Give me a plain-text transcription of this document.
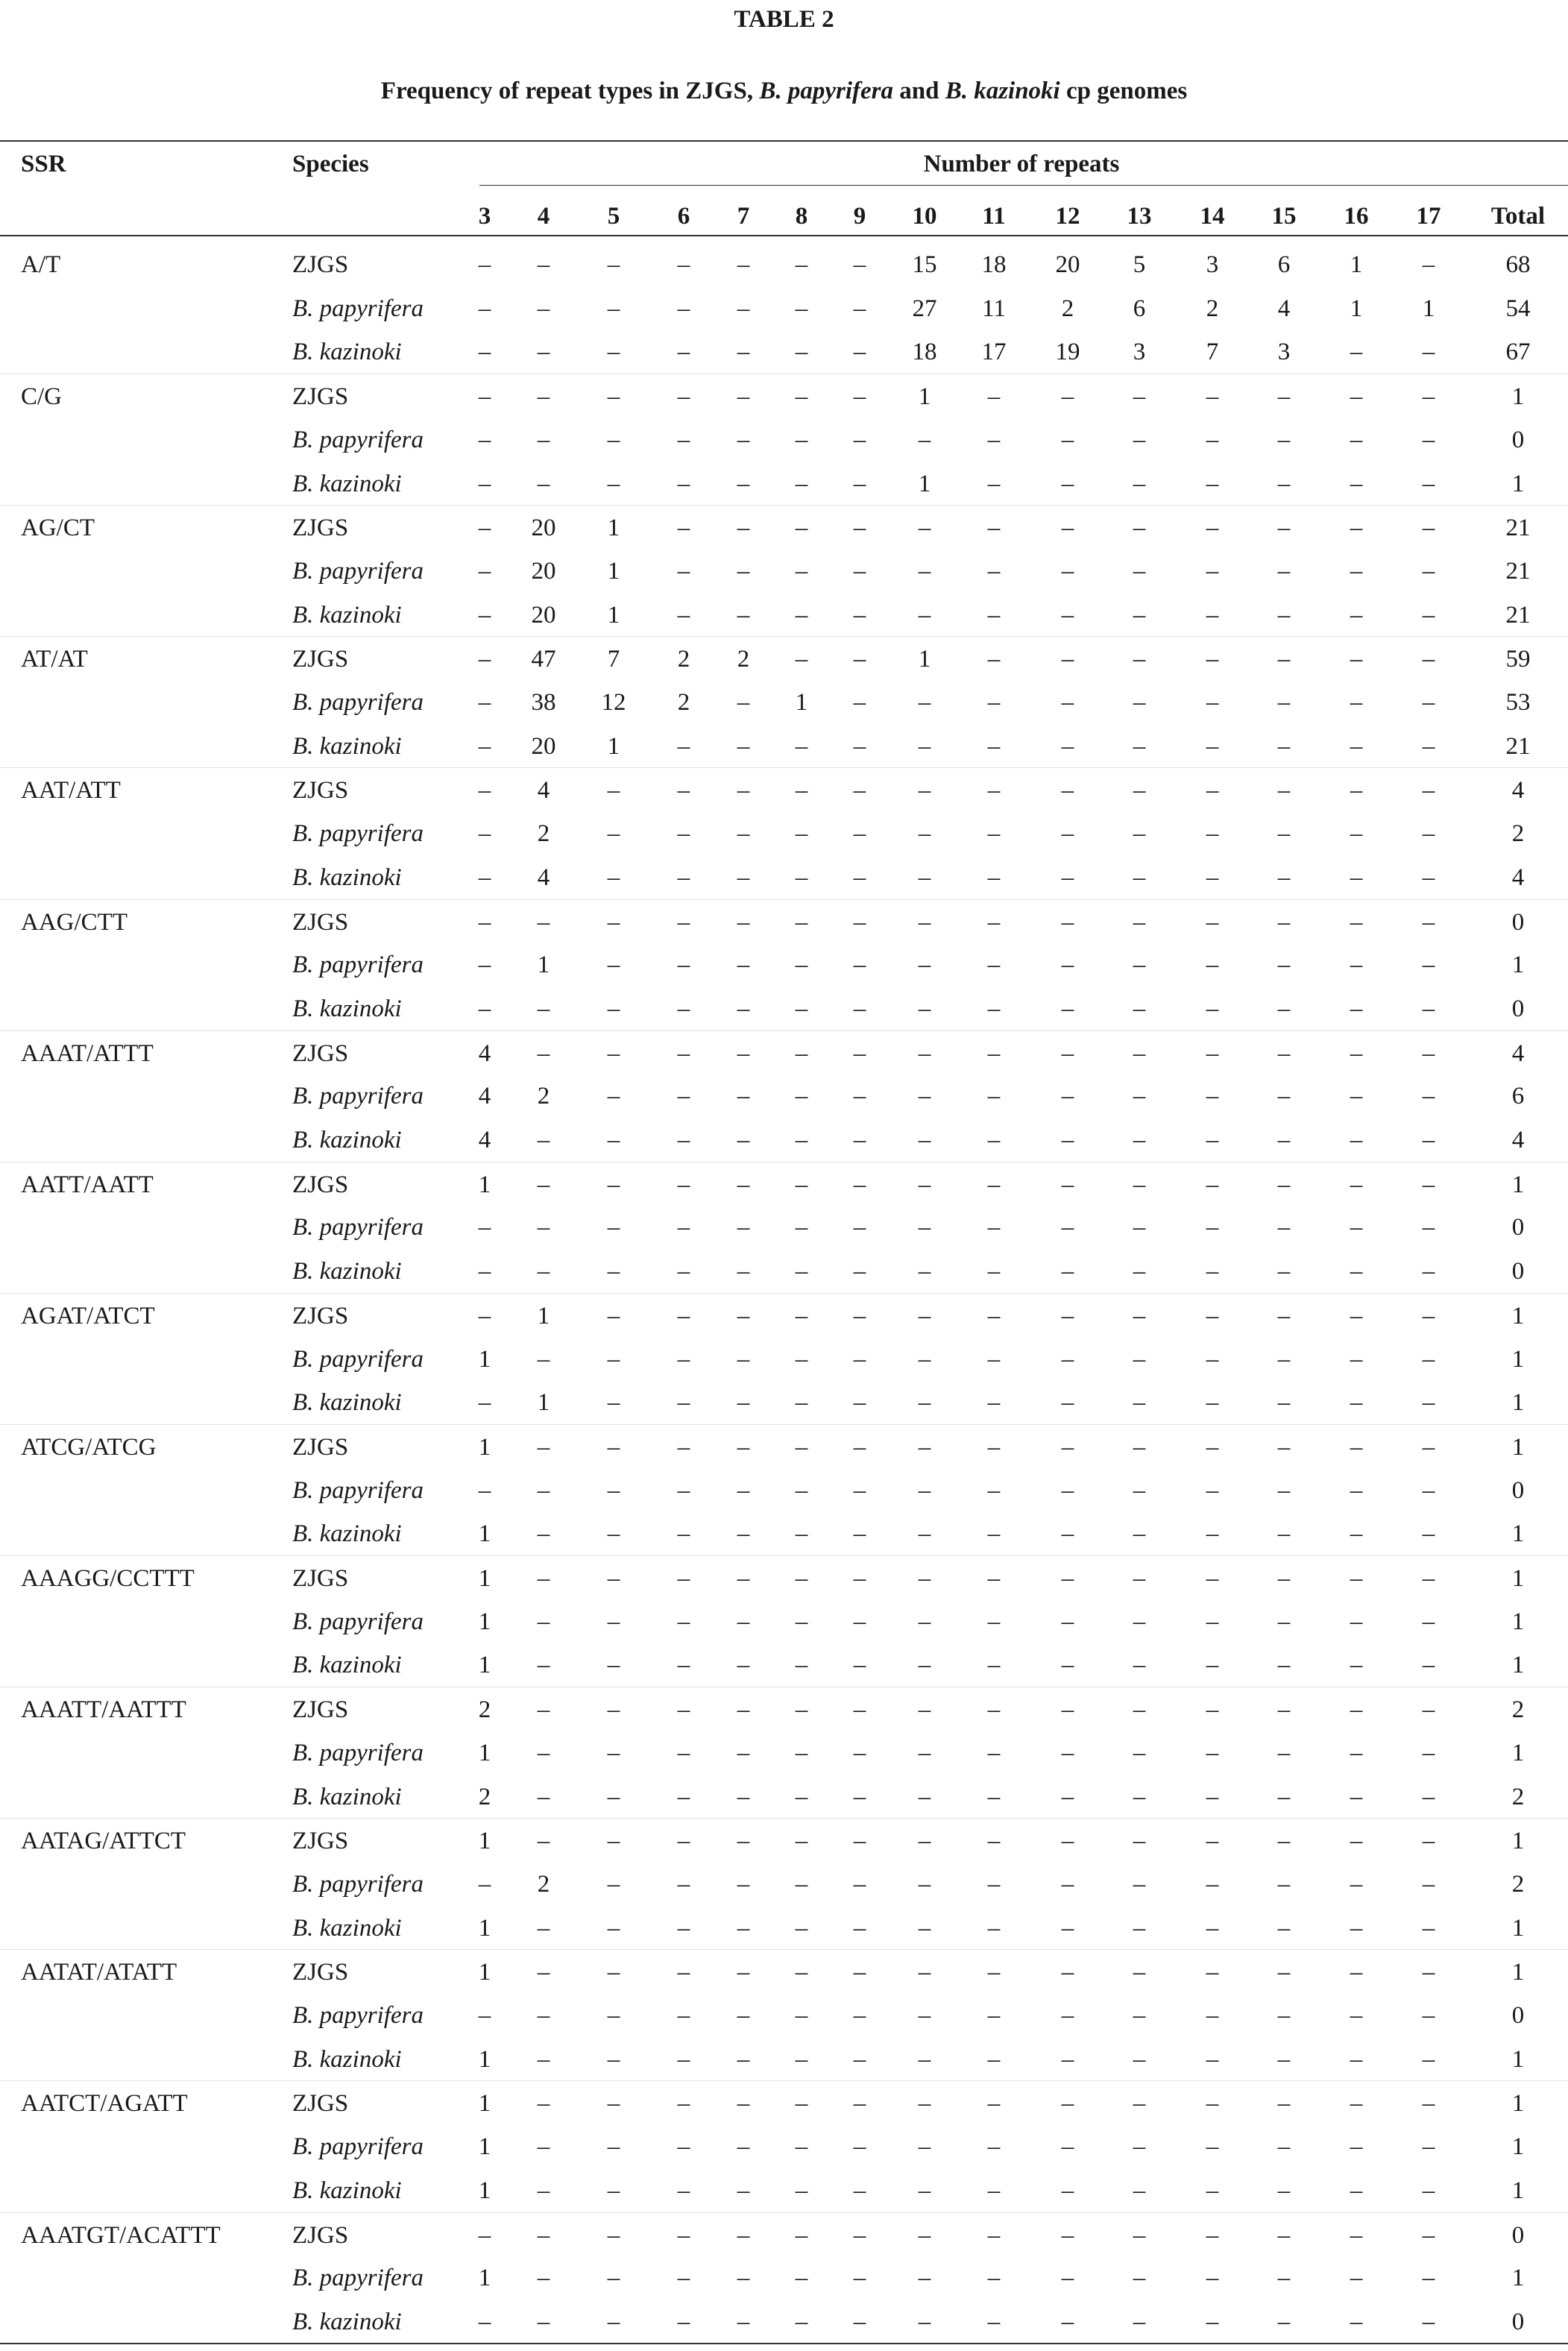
TABLE 2
Frequency of repeat types in ZJGS, B. papyrifera and B. kazinoki cp genomes
SSR	Species	Number of repeats
3	4	5	6	7	8	9	10	11	12	13	14	15	16	17	Total
A/T	ZJGS	–	–	–	–	–	–	–	15	18	20	5	3	6	1	–	68
B. papyrifera	–	–	–	–	–	–	–	27	11	2	6	2	4	1	1	54
B. kazinoki	–	–	–	–	–	–	–	18	17	19	3	7	3	–	–	67
C/G	ZJGS	–	–	–	–	–	–	–	1	–	–	–	–	–	–	–	1
B. papyrifera	–	–	–	–	–	–	–	–	–	–	–	–	–	–	–	0
B. kazinoki	–	–	–	–	–	–	–	1	–	–	–	–	–	–	–	1
AG/CT	ZJGS	–	20	1	–	–	–	–	–	–	–	–	–	–	–	–	21
B. papyrifera	–	20	1	–	–	–	–	–	–	–	–	–	–	–	–	21
B. kazinoki	–	20	1	–	–	–	–	–	–	–	–	–	–	–	–	21
AT/AT	ZJGS	–	47	7	2	2	–	–	1	–	–	–	–	–	–	–	59
B. papyrifera	–	38	12	2	–	1	–	–	–	–	–	–	–	–	–	53
B. kazinoki	–	20	1	–	–	–	–	–	–	–	–	–	–	–	–	21
AAT/ATT	ZJGS	–	4	–	–	–	–	–	–	–	–	–	–	–	–	–	4
B. papyrifera	–	2	–	–	–	–	–	–	–	–	–	–	–	–	–	2
B. kazinoki	–	4	–	–	–	–	–	–	–	–	–	–	–	–	–	4
AAG/CTT	ZJGS	–	–	–	–	–	–	–	–	–	–	–	–	–	–	–	0
B. papyrifera	–	1	–	–	–	–	–	–	–	–	–	–	–	–	–	1
B. kazinoki	–	–	–	–	–	–	–	–	–	–	–	–	–	–	–	0
AAAT/ATTT	ZJGS	4	–	–	–	–	–	–	–	–	–	–	–	–	–	–	4
B. papyrifera	4	2	–	–	–	–	–	–	–	–	–	–	–	–	–	6
B. kazinoki	4	–	–	–	–	–	–	–	–	–	–	–	–	–	–	4
AATT/AATT	ZJGS	1	–	–	–	–	–	–	–	–	–	–	–	–	–	–	1
B. papyrifera	–	–	–	–	–	–	–	–	–	–	–	–	–	–	–	0
B. kazinoki	–	–	–	–	–	–	–	–	–	–	–	–	–	–	–	0
AGAT/ATCT	ZJGS	–	1	–	–	–	–	–	–	–	–	–	–	–	–	–	1
B. papyrifera	1	–	–	–	–	–	–	–	–	–	–	–	–	–	–	1
B. kazinoki	–	1	–	–	–	–	–	–	–	–	–	–	–	–	–	1
ATCG/ATCG	ZJGS	1	–	–	–	–	–	–	–	–	–	–	–	–	–	–	1
B. papyrifera	–	–	–	–	–	–	–	–	–	–	–	–	–	–	–	0
B. kazinoki	1	–	–	–	–	–	–	–	–	–	–	–	–	–	–	1
AAAGG/CCTTT	ZJGS	1	–	–	–	–	–	–	–	–	–	–	–	–	–	–	1
B. papyrifera	1	–	–	–	–	–	–	–	–	–	–	–	–	–	–	1
B. kazinoki	1	–	–	–	–	–	–	–	–	–	–	–	–	–	–	1
AAATT/AATTT	ZJGS	2	–	–	–	–	–	–	–	–	–	–	–	–	–	–	2
B. papyrifera	1	–	–	–	–	–	–	–	–	–	–	–	–	–	–	1
B. kazinoki	2	–	–	–	–	–	–	–	–	–	–	–	–	–	–	2
AATAG/ATTCT	ZJGS	1	–	–	–	–	–	–	–	–	–	–	–	–	–	–	1
B. papyrifera	–	2	–	–	–	–	–	–	–	–	–	–	–	–	–	2
B. kazinoki	1	–	–	–	–	–	–	–	–	–	–	–	–	–	–	1
AATAT/ATATT	ZJGS	1	–	–	–	–	–	–	–	–	–	–	–	–	–	–	1
B. papyrifera	–	–	–	–	–	–	–	–	–	–	–	–	–	–	–	0
B. kazinoki	1	–	–	–	–	–	–	–	–	–	–	–	–	–	–	1
AATCT/AGATT	ZJGS	1	–	–	–	–	–	–	–	–	–	–	–	–	–	–	1
B. papyrifera	1	–	–	–	–	–	–	–	–	–	–	–	–	–	–	1
B. kazinoki	1	–	–	–	–	–	–	–	–	–	–	–	–	–	–	1
AAATGT/ACATTT	ZJGS	–	–	–	–	–	–	–	–	–	–	–	–	–	–	–	0
B. papyrifera	1	–	–	–	–	–	–	–	–	–	–	–	–	–	–	1
B. kazinoki	–	–	–	–	–	–	–	–	–	–	–	–	–	–	–	0
